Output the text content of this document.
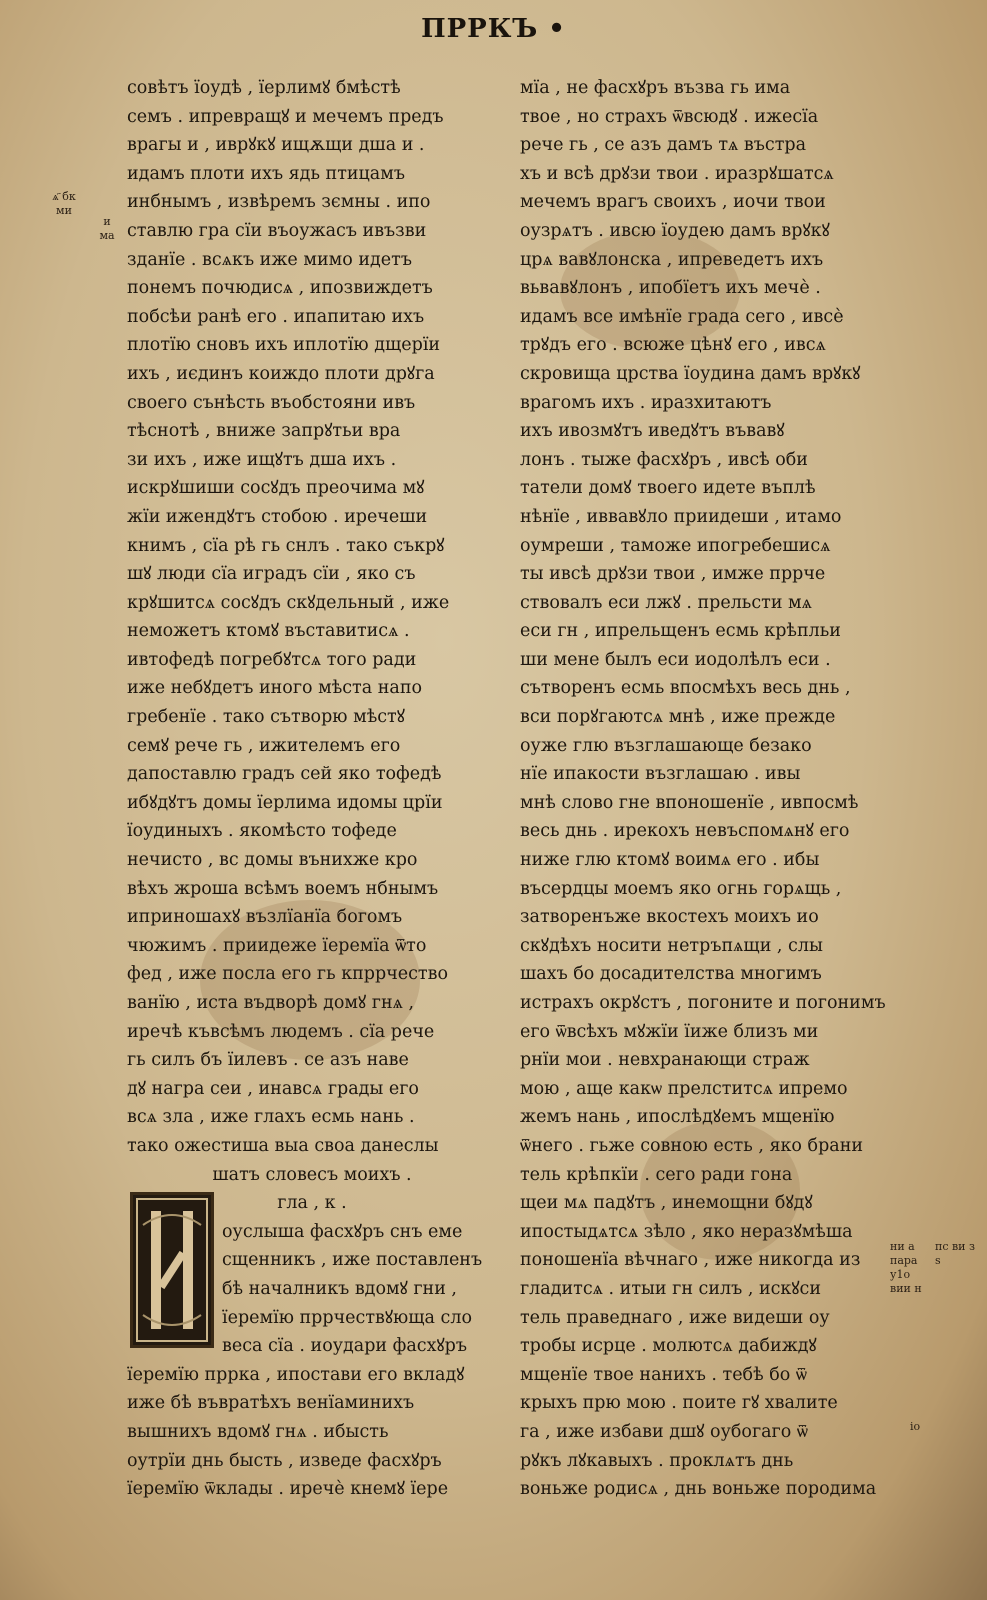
ПРРКЪ •
ѧ҃ бк ми
и ма
ни а пара у1о вии н
пс ви з ѕ
io
совѣтъ їоудѣ , їерлимꙋ бмѣстѣ
семъ . ипревращꙋ и мечемъ предъ
врагы и , иврꙋкꙋ ищѫщи дша и .
идамъ плоти ихъ ядь птицамъ
инбнымъ , извѣремъ зємны . ипо
ставлю гра сїи въоужасъ ивъзви
зданїе . всѧкъ иже мимо идетъ
понемъ почюдиcѧ , ипозвиждетъ
побсѣи ранѣ его . ипапитаю ихъ
плотїю сновъ ихъ иплотїю дщерїи
ихъ , иєдинъ коиждо плоти дрꙋга
своего сънѣсть въобстояни ивъ
тѣснотѣ , вниже запрꙋтьи вра
зи ихъ , иже ищꙋтъ дша ихъ .
искрꙋшиши сосꙋдъ преочима мꙋ
жїи ижендꙋтъ стобою . иречеши
книмъ , сїа рѣ гь снлъ . тако съкрꙋ
шꙋ люди сїа иградъ сїи , яко съ
крꙋшитсѧ сосꙋдъ скꙋдельный , иже
неможетъ ктомꙋ въставитисѧ .
ивтофедѣ погребꙋтсѧ того ради
иже небꙋдетъ иного мѣста напо
гребенїе . тако сътворю мѣстꙋ
семꙋ рече гь , ижителемъ его
дапоставлю градъ сей яко тофедѣ
ибꙋдꙋтъ домы їерлима идомы црїи
їоудиныхъ . якомѣсто тофеде
нечисто , вс домы вънихже кро
вѣхъ жроша всѣмъ воемъ нбнымъ
иприношахꙋ възлїанїа богомъ
чюжимъ . приидеже їеремїа ѿто
фед , иже посла его гь кпррчество
ванїю , иста въдворѣ домꙋ гнѧ ,
иречѣ къвсѣмъ людемъ . сїа рече
гь силъ бъ їилевъ . се азъ наве
дꙋ награ сеи , инавсѧ грады его
всѧ зла , иже глахъ есмь нань .
тако ожестиша выа своа данеслы
шатъ словесъ моихъ .
гла , к .
оуслыша фасхꙋръ снъ еме
сщенникъ , иже поставленъ
бѣ началникъ вдомꙋ гни ,
їеремїю пррчествꙋюща сло
веса сїа . иоудари фасхꙋръ
їеремїю пррка , ипостави его вкладꙋ
иже бѣ въвратѣхъ венїаминихъ
вышнихъ вдомꙋ гнѧ . ибысть
оутрїи днь бысть , изведе фасхꙋръ
їеремїю ѿклады . иречѐ кнемꙋ їере
мїа , не фасхꙋръ възва гь има
твое , но страхъ ѿвсюдꙋ . ижесїа
рече гь , се азъ дамъ тѧ въстра
хъ и всѣ дрꙋзи твои . иразрꙋшатсѧ
мечемъ врагъ своихъ , иочи твои
оузрѧтъ . ивсю їоудею дамъ врꙋкꙋ
црѧ вавꙋлонска , ипреведетъ ихъ
вьвавꙋлонъ , ипобїетъ ихъ мечѐ .
идамъ все имѣнїе града сего , ивсѐ
трꙋдъ его . всюже цѣнꙋ его , ивсѧ
скровища црства їоудина дамъ врꙋкꙋ
врагомъ ихъ . иразхитаютъ
ихъ ивозмꙋтъ иведꙋтъ въвавꙋ
лонъ . тыже фасхꙋръ , ивсѣ оби
татели домꙋ твоего идете въплѣ
нѣнїе , иввавꙋло приидеши , итамо
оумреши , таможе ипогребешисѧ
ты ивсѣ дрꙋзи твои , имже пррче
ствовалъ еси лжꙋ . прельсти мѧ
еси гн , ипрельщенъ есмь крѣпльи
ши мене былъ еси иодолѣлъ еси .
сътворенъ есмь впосмѣхъ весь днь ,
вси порꙋгаютсѧ мнѣ , иже прежде
оуже глю възглашающе безако
нїе ипакости възглашаю . ивы
мнѣ слово гне впоношенїе , ивпосмѣ
весь днь . ирекохъ невъспомѧнꙋ его
ниже глю ктомꙋ воимѧ его . ибы
въсердцы моемъ яко огнь горѧщь ,
затворенъже вкостехъ моихъ ио
скꙋдѣхъ носити нетръпѧщи , слы
шахъ бо досадителства многимъ
истрахъ окрꙋстъ , погоните и погонимъ
его ѿвсѣхъ мꙋжїи їиже близъ ми
рнїи мои . невхранающи страж
мою , аще какѡ прелститсѧ ипремо
жемъ нань , ипослѣдꙋемъ мщенїю
ѿнего . гьже совною есть , яко брани
тель крѣпкїи . сего ради гона
щеи мѧ падꙋтъ , инемощни бꙋдꙋ
ипостыдѧтсѧ зѣло , яко неразꙋмѣша
поношенїа вѣчнаго , иже никогда из
гладитсѧ . итыи гн силъ , искꙋси
тель праведнаго , иже видеши оу
тробы исрце . молютсѧ дабиждꙋ
мщенїе твое нанихъ . тебѣ бо ѿ
крыхъ прю мою . поите гꙋ хвалите
га , иже избави дшꙋ оубогаго ѿ
рꙋкъ лꙋкавыхъ . проклѧтъ днь
воньже родисѧ , днь воньже породима
